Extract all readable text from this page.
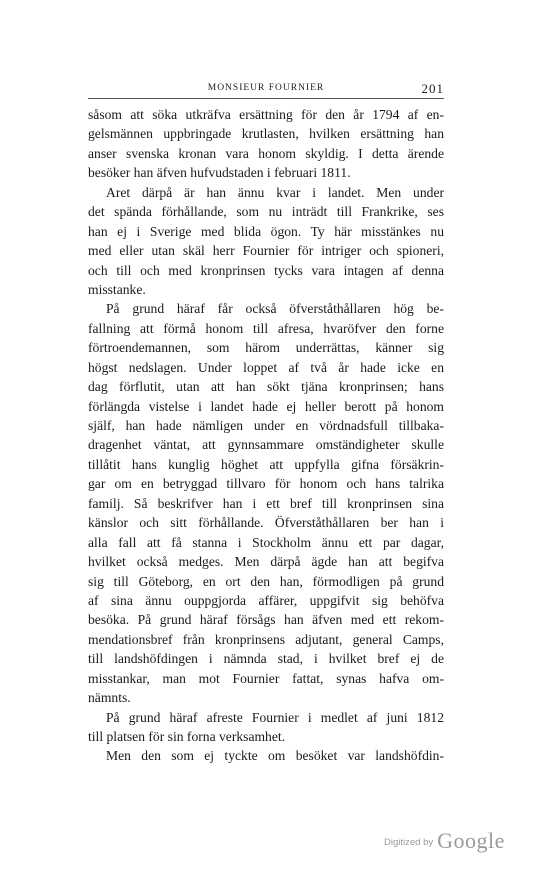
MONSIEUR FOURNIER	201
såsom att söka utkräfva ersättning för den år 1794 af en-
gelsmännen uppbringade krutlasten, hvilken ersättning han
anser svenska kronan vara honom skyldig. I detta ärende
besöker han äfven hufvudstaden i februari 1811.
Aret därpå är han ännu kvar i landet. Men under
det spända förhållande, som nu inträdt till Frankrike, ses
han ej i Sverige med blida ögon. Ty här misstänkes nu
med eller utan skäl herr Fournier för intriger och spioneri,
och till och med kronprinsen tycks vara intagen af denna
misstanke.
På grund häraf får också öfverståthållaren hög be-
fallning att förmå honom till afresa, hvaröfver den forne
förtroendemannen, som härom underrättas, känner sig
högst nedslagen. Under loppet af två år hade icke en
dag förflutit, utan att han sökt tjäna kronprinsen; hans
förlängda vistelse i landet hade ej heller berott på honom
själf, han hade nämligen under en vördnadsfull tillbaka-
dragenhet väntat, att gynnsammare omständigheter skulle
tillåtit hans kunglig höghet att uppfylla gifna försäkrin-
gar om en betryggad tillvaro för honom och hans talrika
familj. Så beskrifver han i ett bref till kronprinsen sina
känslor och sitt förhållande. Öfverståthållaren ber han i
alla fall att få stanna i Stockholm ännu ett par dagar,
hvilket också medges. Men därpå ägde han att begifva
sig till Göteborg, en ort den han, förmodligen på grund
af sina ännu ouppgjorda affärer, uppgifvit sig behöfva
besöka. På grund häraf försågs han äfven med ett rekom-
mendationsbref från kronprinsens adjutant, general Camps,
till landshöfdingen i nämnda stad, i hvilket bref ej de
misstankar, man mot Fournier fattat, synas hafva om-
nämnts.
På grund häraf afreste Fournier i medlet af juni 1812
till platsen för sin forna verksamhet.
Men den som ej tyckte om besöket var landshöfdin-
Digitized by Google
